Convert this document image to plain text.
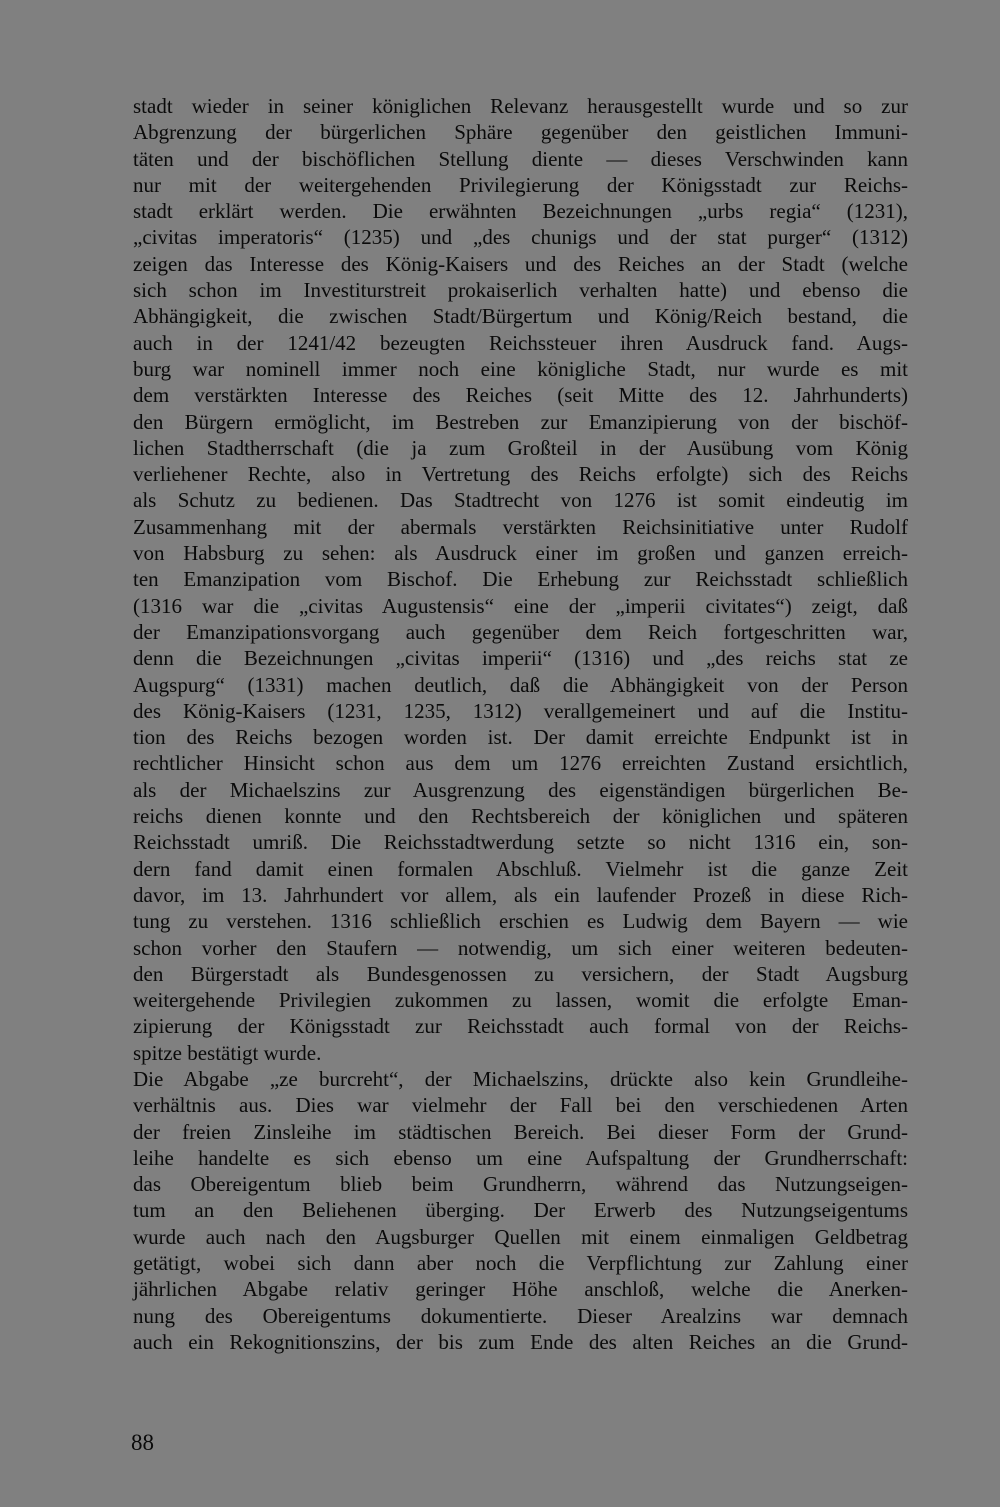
stadt wieder in seiner königlichen Relevanz herausgestellt wurde und so zur
Abgrenzung der bürgerlichen Sphäre gegenüber den geistlichen Immuni-
täten und der bischöflichen Stellung diente — dieses Verschwinden kann
nur mit der weitergehenden Privilegierung der Königsstadt zur Reichs-
stadt erklärt werden. Die erwähnten Bezeichnungen „urbs regia“ (1231),
„civitas imperatoris“ (1235) und „des chunigs und der stat purger“ (1312)
zeigen das Interesse des König-Kaisers und des Reiches an der Stadt (welche
sich schon im Investiturstreit prokaiserlich verhalten hatte) und ebenso die
Abhängigkeit, die zwischen Stadt/Bürgertum und König/Reich bestand, die
auch in der 1241/42 bezeugten Reichssteuer ihren Ausdruck fand. Augs-
burg war nominell immer noch eine königliche Stadt, nur wurde es mit
dem verstärkten Interesse des Reiches (seit Mitte des 12. Jahrhunderts)
den Bürgern ermöglicht, im Bestreben zur Emanzipierung von der bischöf-
lichen Stadtherrschaft (die ja zum Großteil in der Ausübung vom König
verliehener Rechte, also in Vertretung des Reichs erfolgte) sich des Reichs
als Schutz zu bedienen. Das Stadtrecht von 1276 ist somit eindeutig im
Zusammenhang mit der abermals verstärkten Reichsinitiative unter Rudolf
von Habsburg zu sehen: als Ausdruck einer im großen und ganzen erreich-
ten Emanzipation vom Bischof. Die Erhebung zur Reichsstadt schließlich
(1316 war die „civitas Augustensis“ eine der „imperii civitates“) zeigt, daß
der Emanzipationsvorgang auch gegenüber dem Reich fortgeschritten war,
denn die Bezeichnungen „civitas imperii“ (1316) und „des reichs stat ze
Augspurg“ (1331) machen deutlich, daß die Abhängigkeit von der Person
des König-Kaisers (1231, 1235, 1312) verallgemeinert und auf die Institu-
tion des Reichs bezogen worden ist. Der damit erreichte Endpunkt ist in
rechtlicher Hinsicht schon aus dem um 1276 erreichten Zustand ersichtlich,
als der Michaelszins zur Ausgrenzung des eigenständigen bürgerlichen Be-
reichs dienen konnte und den Rechtsbereich der königlichen und späteren
Reichsstadt umriß. Die Reichsstadtwerdung setzte so nicht 1316 ein, son-
dern fand damit einen formalen Abschluß. Vielmehr ist die ganze Zeit
davor, im 13. Jahrhundert vor allem, als ein laufender Prozeß in diese Rich-
tung zu verstehen. 1316 schließlich erschien es Ludwig dem Bayern — wie
schon vorher den Staufern — notwendig, um sich einer weiteren bedeuten-
den Bürgerstadt als Bundesgenossen zu versichern, der Stadt Augsburg
weitergehende Privilegien zukommen zu lassen, womit die erfolgte Eman-
zipierung der Königsstadt zur Reichsstadt auch formal von der Reichs-
spitze bestätigt wurde.
Die Abgabe „ze burcreht“, der Michaelszins, drückte also kein Grundleihe-
verhältnis aus. Dies war vielmehr der Fall bei den verschiedenen Arten
der freien Zinsleihe im städtischen Bereich. Bei dieser Form der Grund-
leihe handelte es sich ebenso um eine Aufspaltung der Grundherrschaft:
das Obereigentum blieb beim Grundherrn, während das Nutzungseigen-
tum an den Beliehenen überging. Der Erwerb des Nutzungseigentums
wurde auch nach den Augsburger Quellen mit einem einmaligen Geldbetrag
getätigt, wobei sich dann aber noch die Verpflichtung zur Zahlung einer
jährlichen Abgabe relativ geringer Höhe anschloß, welche die Anerken-
nung des Obereigentums dokumentierte. Dieser Arealzins war demnach
auch ein Rekognitionszins, der bis zum Ende des alten Reiches an die Grund-
88
